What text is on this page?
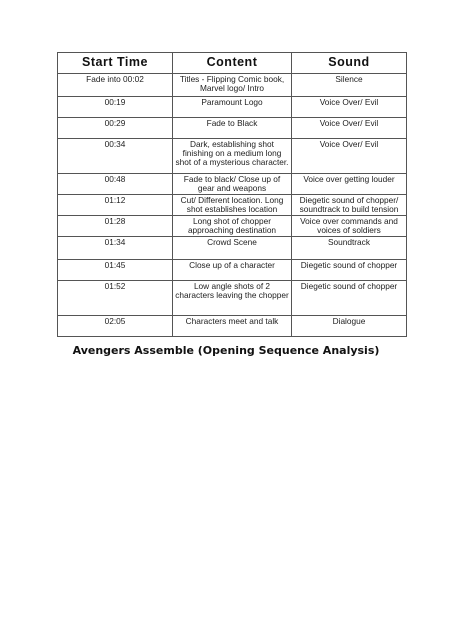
Start Time	Content	Sound
Fade into 00:02	Titles - Flipping Comic book, Marvel logo/ Intro	Silence
00:19	Paramount Logo	Voice Over/ Evil
00:29	Fade to Black	Voice Over/ Evil
00:34	Dark, establishing shot finishing on a medium long shot of a mysterious character.	Voice Over/ Evil
00:48	Fade to black/ Close up of gear and weapons	Voice over getting louder
01:12	Cut/ Different location. Long shot establishes location	Diegetic sound of chopper/ soundtrack to build tension
01:28	Long shot of chopper approaching destination	Voice over commands and voices of soldiers
01:34	Crowd Scene	Soundtrack
01:45	Close up of a character	Diegetic sound of chopper
01:52	Low angle shots of 2 characters leaving the chopper	Diegetic sound of chopper
02:05	Characters meet and talk	Dialogue
Avengers Assemble (Opening Sequence Analysis)
